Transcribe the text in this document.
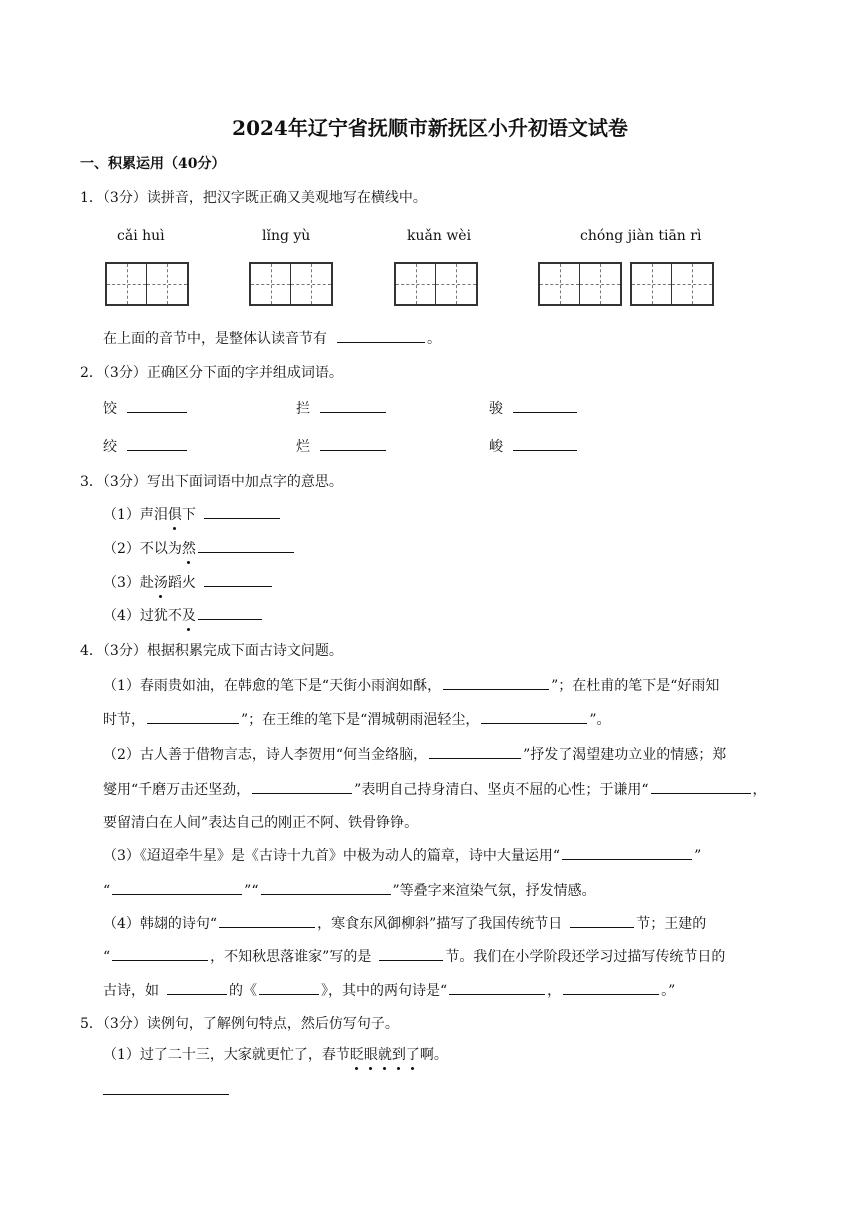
2024年辽宁省抚顺市新抚区小升初语文试卷
一、积累运用（40分）
1．（3分）读拼音，把汉字既正确又美观地写在横线中。
cǎi huì	lǐng yù	kuǎn wèi	chóng jiàn tiān rì
在上面的音节中，是整体认读音节有	。
2．（3分）正确区分下面的字并组成词语。
饺	拦	骏
绞	烂	峻
3．（3分）写出下面词语中加点字的意思。
（1）声泪俱下
（2）不以为然
（3）赴汤蹈火
（4）过犹不及
4．（3分）根据积累完成下面古诗文问题。
（1）春雨贵如油，在韩愈的笔下是“天街小雨润如酥，	”；在杜甫的笔下是“好雨知
时节，	”；在王维的笔下是“渭城朝雨浥轻尘，	”。
（2）古人善于借物言志，诗人李贺用“何当金络脑，	”抒发了渴望建功立业的情感；郑
燮用“千磨万击还坚劲，	”表明自己持身清白、坚贞不屈的心性；于谦用“	，
要留清白在人间”表达自己的刚正不阿、铁骨铮铮。
（3）《迢迢牵牛星》是《古诗十九首》中极为动人的篇章，诗中大量运用“	”
“	”“	”等叠字来渲染气氛，抒发情感。
（4）韩翃的诗句“	，寒食东风御柳斜”描写了我国传统节日	节；王建的
“	，不知秋思落谁家”写的是	节。我们在小学阶段还学习过描写传统节日的
古诗，如	的《	》，其中的两句诗是“	，	。”
5．（3分）读例句，了解例句特点，然后仿写句子。
（1）过了二十三，大家就更忙了，春节眨眼就到了啊。
